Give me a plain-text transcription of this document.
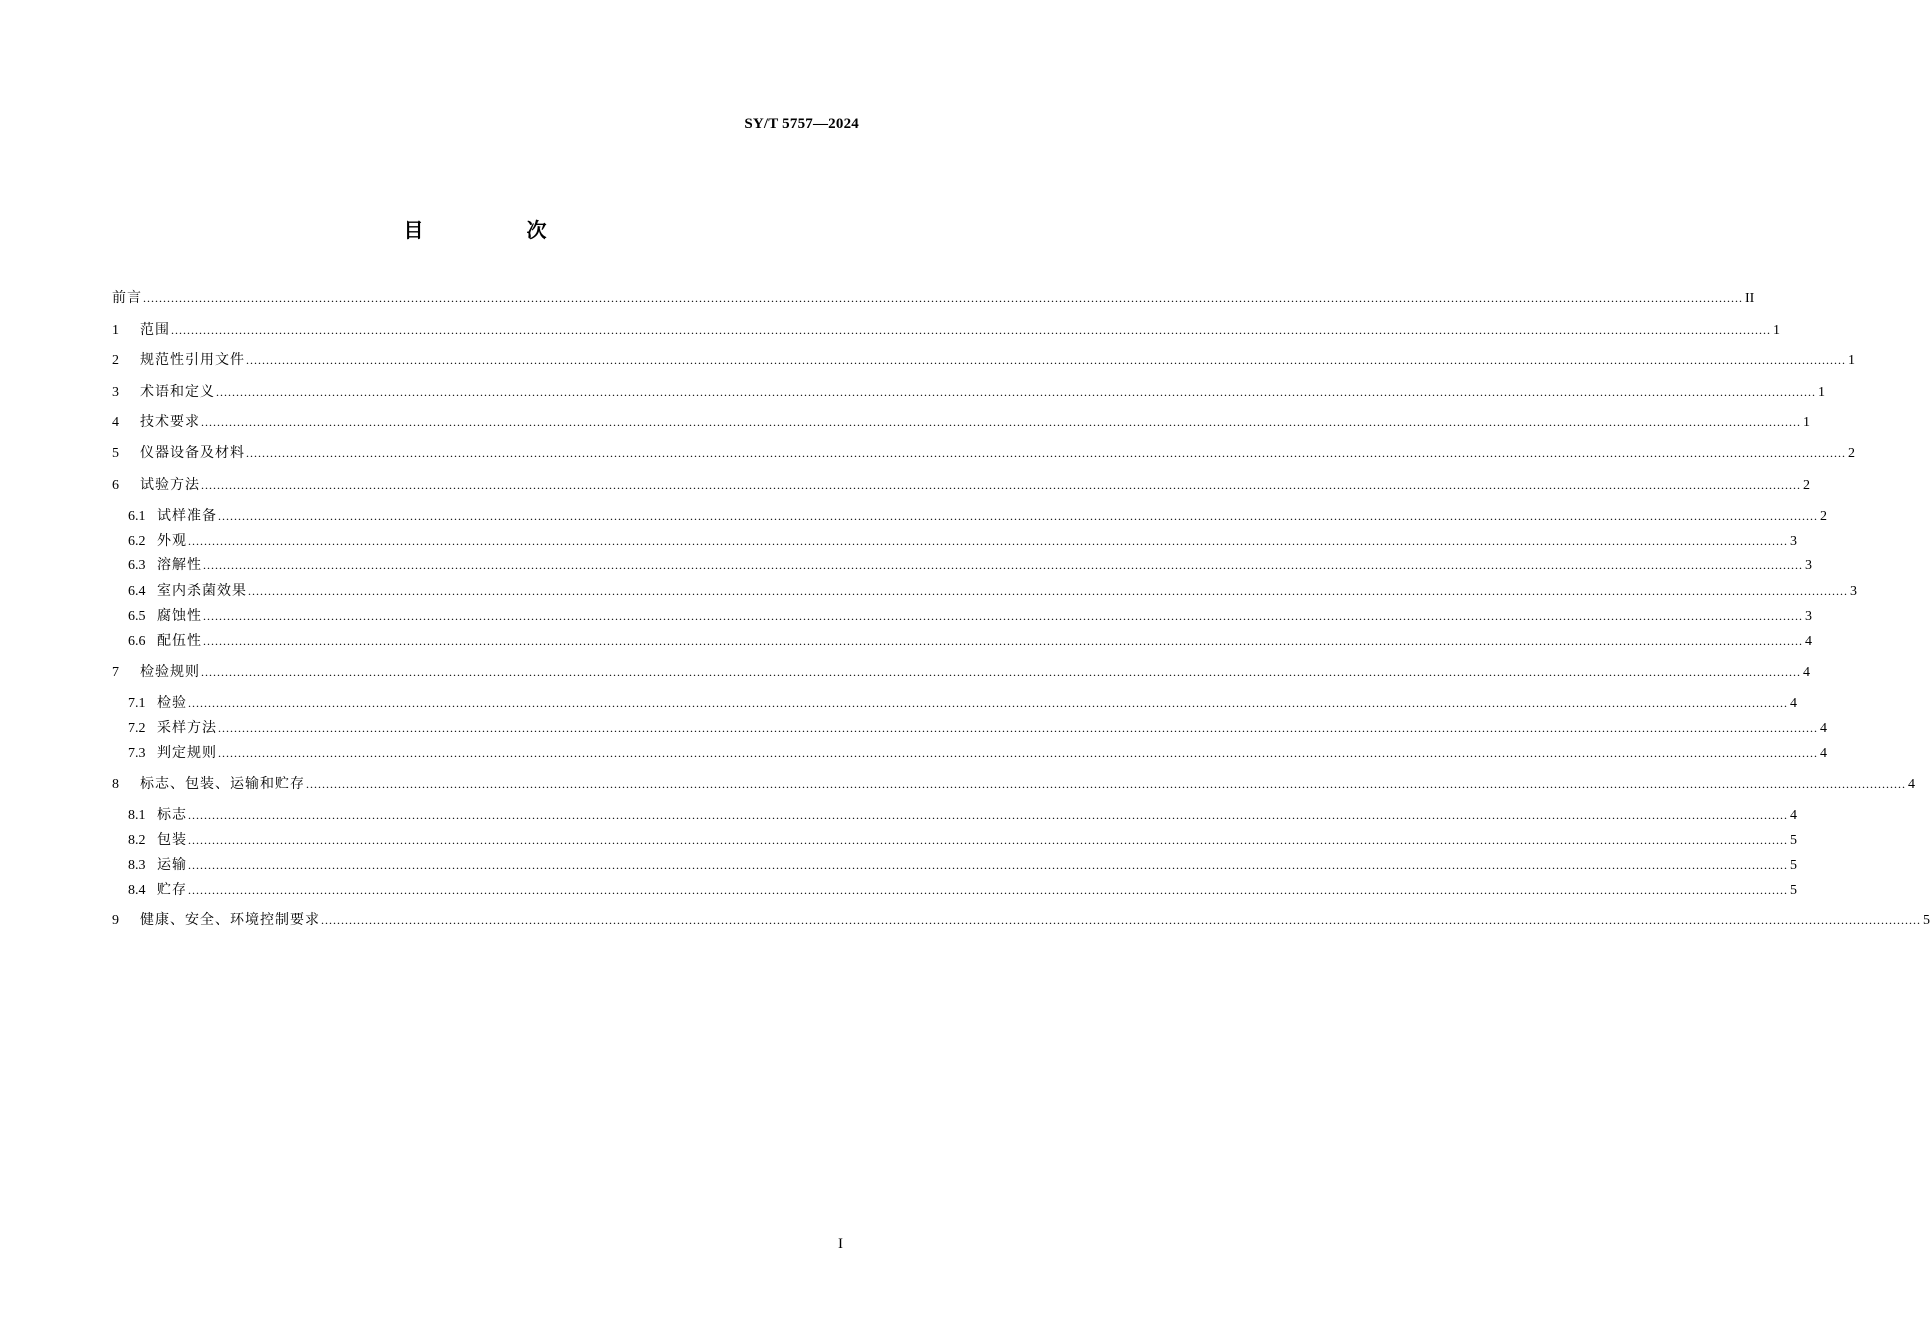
SY/T 5757—2024
目 次
前言 ................................................................................................................................................................................................................................................................................................................................................................................................................ II
1	范围 ................................................................................................................................................................................................................................................................................................................................................................................................................ 1
2	规范性引用文件 ................................................................................................................................................................................................................................................................................................................................................................................................................ 1
3	术语和定义 ................................................................................................................................................................................................................................................................................................................................................................................................................ 1
4	技术要求 ................................................................................................................................................................................................................................................................................................................................................................................................................ 1
5	仪器设备及材料 ................................................................................................................................................................................................................................................................................................................................................................................................................ 2
6	试验方法 ................................................................................................................................................................................................................................................................................................................................................................................................................ 2
6.1 试样准备 ................................................................................................................................................................................................................................................................................................................................................................................................................ 2
6.2 外观 ................................................................................................................................................................................................................................................................................................................................................................................................................ 3
6.3 溶解性 ................................................................................................................................................................................................................................................................................................................................................................................................................ 3
6.4 室内杀菌效果 ................................................................................................................................................................................................................................................................................................................................................................................................................ 3
6.5 腐蚀性 ................................................................................................................................................................................................................................................................................................................................................................................................................ 3
6.6 配伍性 ................................................................................................................................................................................................................................................................................................................................................................................................................ 4
7	检验规则 ................................................................................................................................................................................................................................................................................................................................................................................................................ 4
7.1 检验 ................................................................................................................................................................................................................................................................................................................................................................................................................ 4
7.2 采样方法 ................................................................................................................................................................................................................................................................................................................................................................................................................ 4
7.3 判定规则 ................................................................................................................................................................................................................................................................................................................................................................................................................ 4
8	标志、包装、运输和贮存 ................................................................................................................................................................................................................................................................................................................................................................................................................ 4
8.1 标志 ................................................................................................................................................................................................................................................................................................................................................................................................................ 4
8.2 包装 ................................................................................................................................................................................................................................................................................................................................................................................................................ 5
8.3 运输 ................................................................................................................................................................................................................................................................................................................................................................................................................ 5
8.4 贮存 ................................................................................................................................................................................................................................................................................................................................................................................................................ 5
9	健康、安全、环境控制要求 ................................................................................................................................................................................................................................................................................................................................................................................................................ 5
I
